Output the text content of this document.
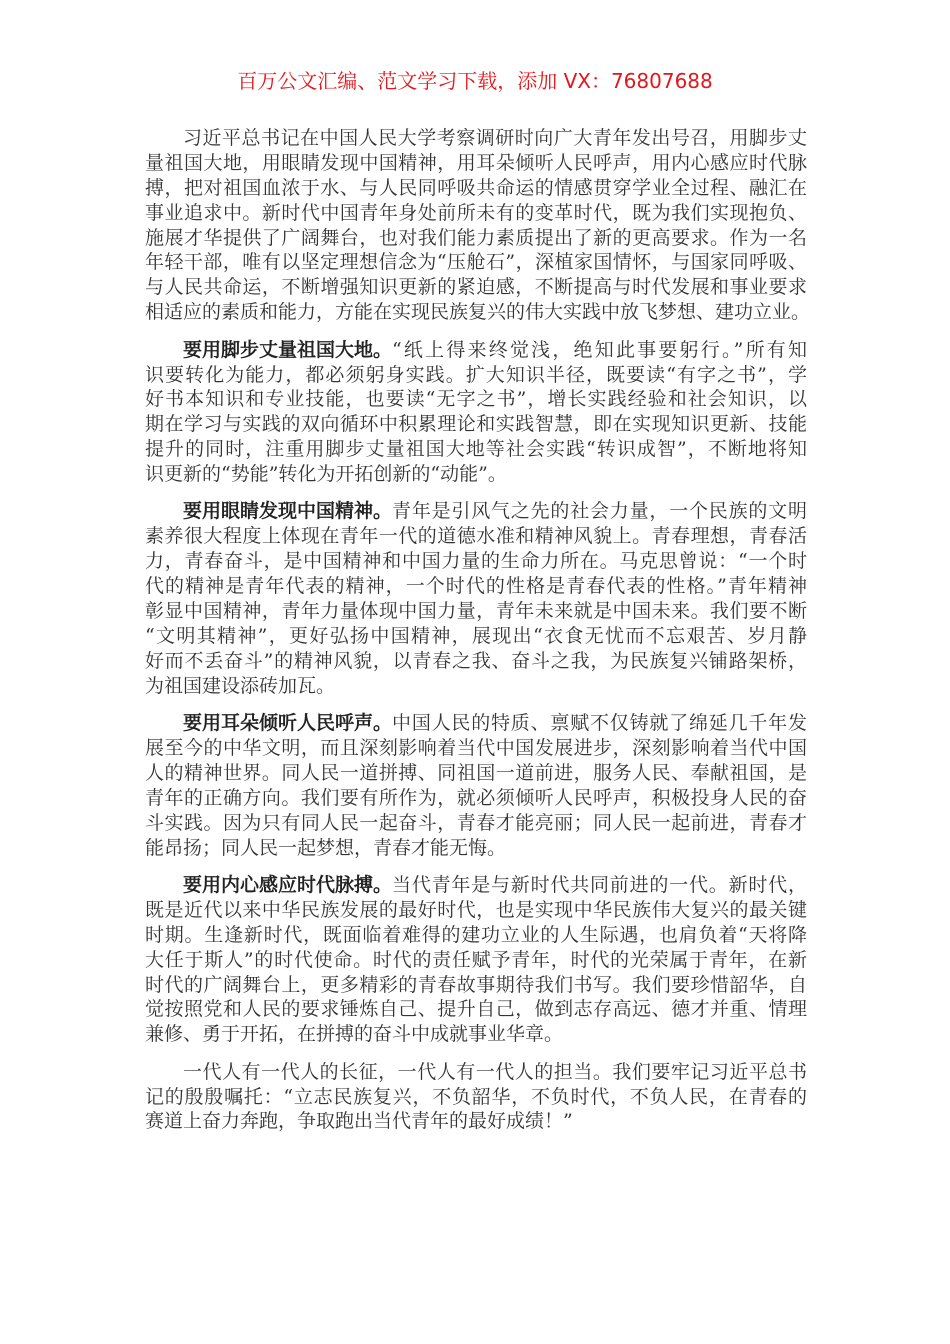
百万公文汇编、范文学习下载，添加 VX：76807688
习近平总书记在中国人民大学考察调研时向广大青年发出号召，用脚步丈
量祖国大地，用眼睛发现中国精神，用耳朵倾听人民呼声，用内心感应时代脉
搏，把对祖国血浓于水、与人民同呼吸共命运的情感贯穿学业全过程、融汇在
事业追求中。新时代中国青年身处前所未有的变革时代，既为我们实现抱负、
施展才华提供了广阔舞台，也对我们能力素质提出了新的更高要求。作为一名
年轻干部，唯有以坚定理想信念为“压舱石”，深植家国情怀，与国家同呼吸、
与人民共命运，不断增强知识更新的紧迫感，不断提高与时代发展和事业要求
相适应的素质和能力，方能在实现民族复兴的伟大实践中放飞梦想、建功立业。
要用脚步丈量祖国大地。 “纸上得来终觉浅，绝知此事要躬行。”所有知
识要转化为能力，都必须躬身实践。扩大知识半径，既要读“有字之书”，学
好书本知识和专业技能，也要读“无字之书”，增长实践经验和社会知识，以
期在学习与实践的双向循环中积累理论和实践智慧，即在实现知识更新、技能
提升的同时，注重用脚步丈量祖国大地等社会实践“转识成智”，不断地将知
识更新的“势能”转化为开拓创新的“动能”。
要用眼睛发现中国精神。 青年是引风气之先的社会力量，一个民族的文明
素养很大程度上体现在青年一代的道德水准和精神风貌上。青春理想，青春活
力，青春奋斗，是中国精神和中国力量的生命力所在。马克思曾说：“一个时
代的精神是青年代表的精神，一个时代的性格是青春代表的性格。”青年精神
彰显中国精神，青年力量体现中国力量，青年未来就是中国未来。我们要不断
“文明其精神”，更好弘扬中国精神，展现出“衣食无忧而不忘艰苦、岁月静
好而不丢奋斗”的精神风貌，以青春之我、奋斗之我，为民族复兴铺路架桥，
为祖国建设添砖加瓦。
要用耳朵倾听人民呼声。 中国人民的特质、禀赋不仅铸就了绵延几千年发
展至今的中华文明，而且深刻影响着当代中国发展进步，深刻影响着当代中国
人的精神世界。同人民一道拼搏、同祖国一道前进，服务人民、奉献祖国，是
青年的正确方向。我们要有所作为，就必须倾听人民呼声，积极投身人民的奋
斗实践。因为只有同人民一起奋斗，青春才能亮丽；同人民一起前进，青春才
能昂扬；同人民一起梦想，青春才能无悔。
要用内心感应时代脉搏。 当代青年是与新时代共同前进的一代。新时代，
既是近代以来中华民族发展的最好时代，也是实现中华民族伟大复兴的最关键
时期。生逢新时代，既面临着难得的建功立业的人生际遇，也肩负着“天将降
大任于斯人”的时代使命。时代的责任赋予青年，时代的光荣属于青年，在新
时代的广阔舞台上，更多精彩的青春故事期待我们书写。我们要珍惜韶华，自
觉按照党和人民的要求锤炼自己、提升自己，做到志存高远、德才并重、情理
兼修、勇于开拓，在拼搏的奋斗中成就事业华章。
一代人有一代人的长征，一代人有一代人的担当。我们要牢记习近平总书
记的殷殷嘱托：“立志民族复兴，不负韶华，不负时代，不负人民，在青春的
赛道上奋力奔跑，争取跑出当代青年的最好成绩！”
